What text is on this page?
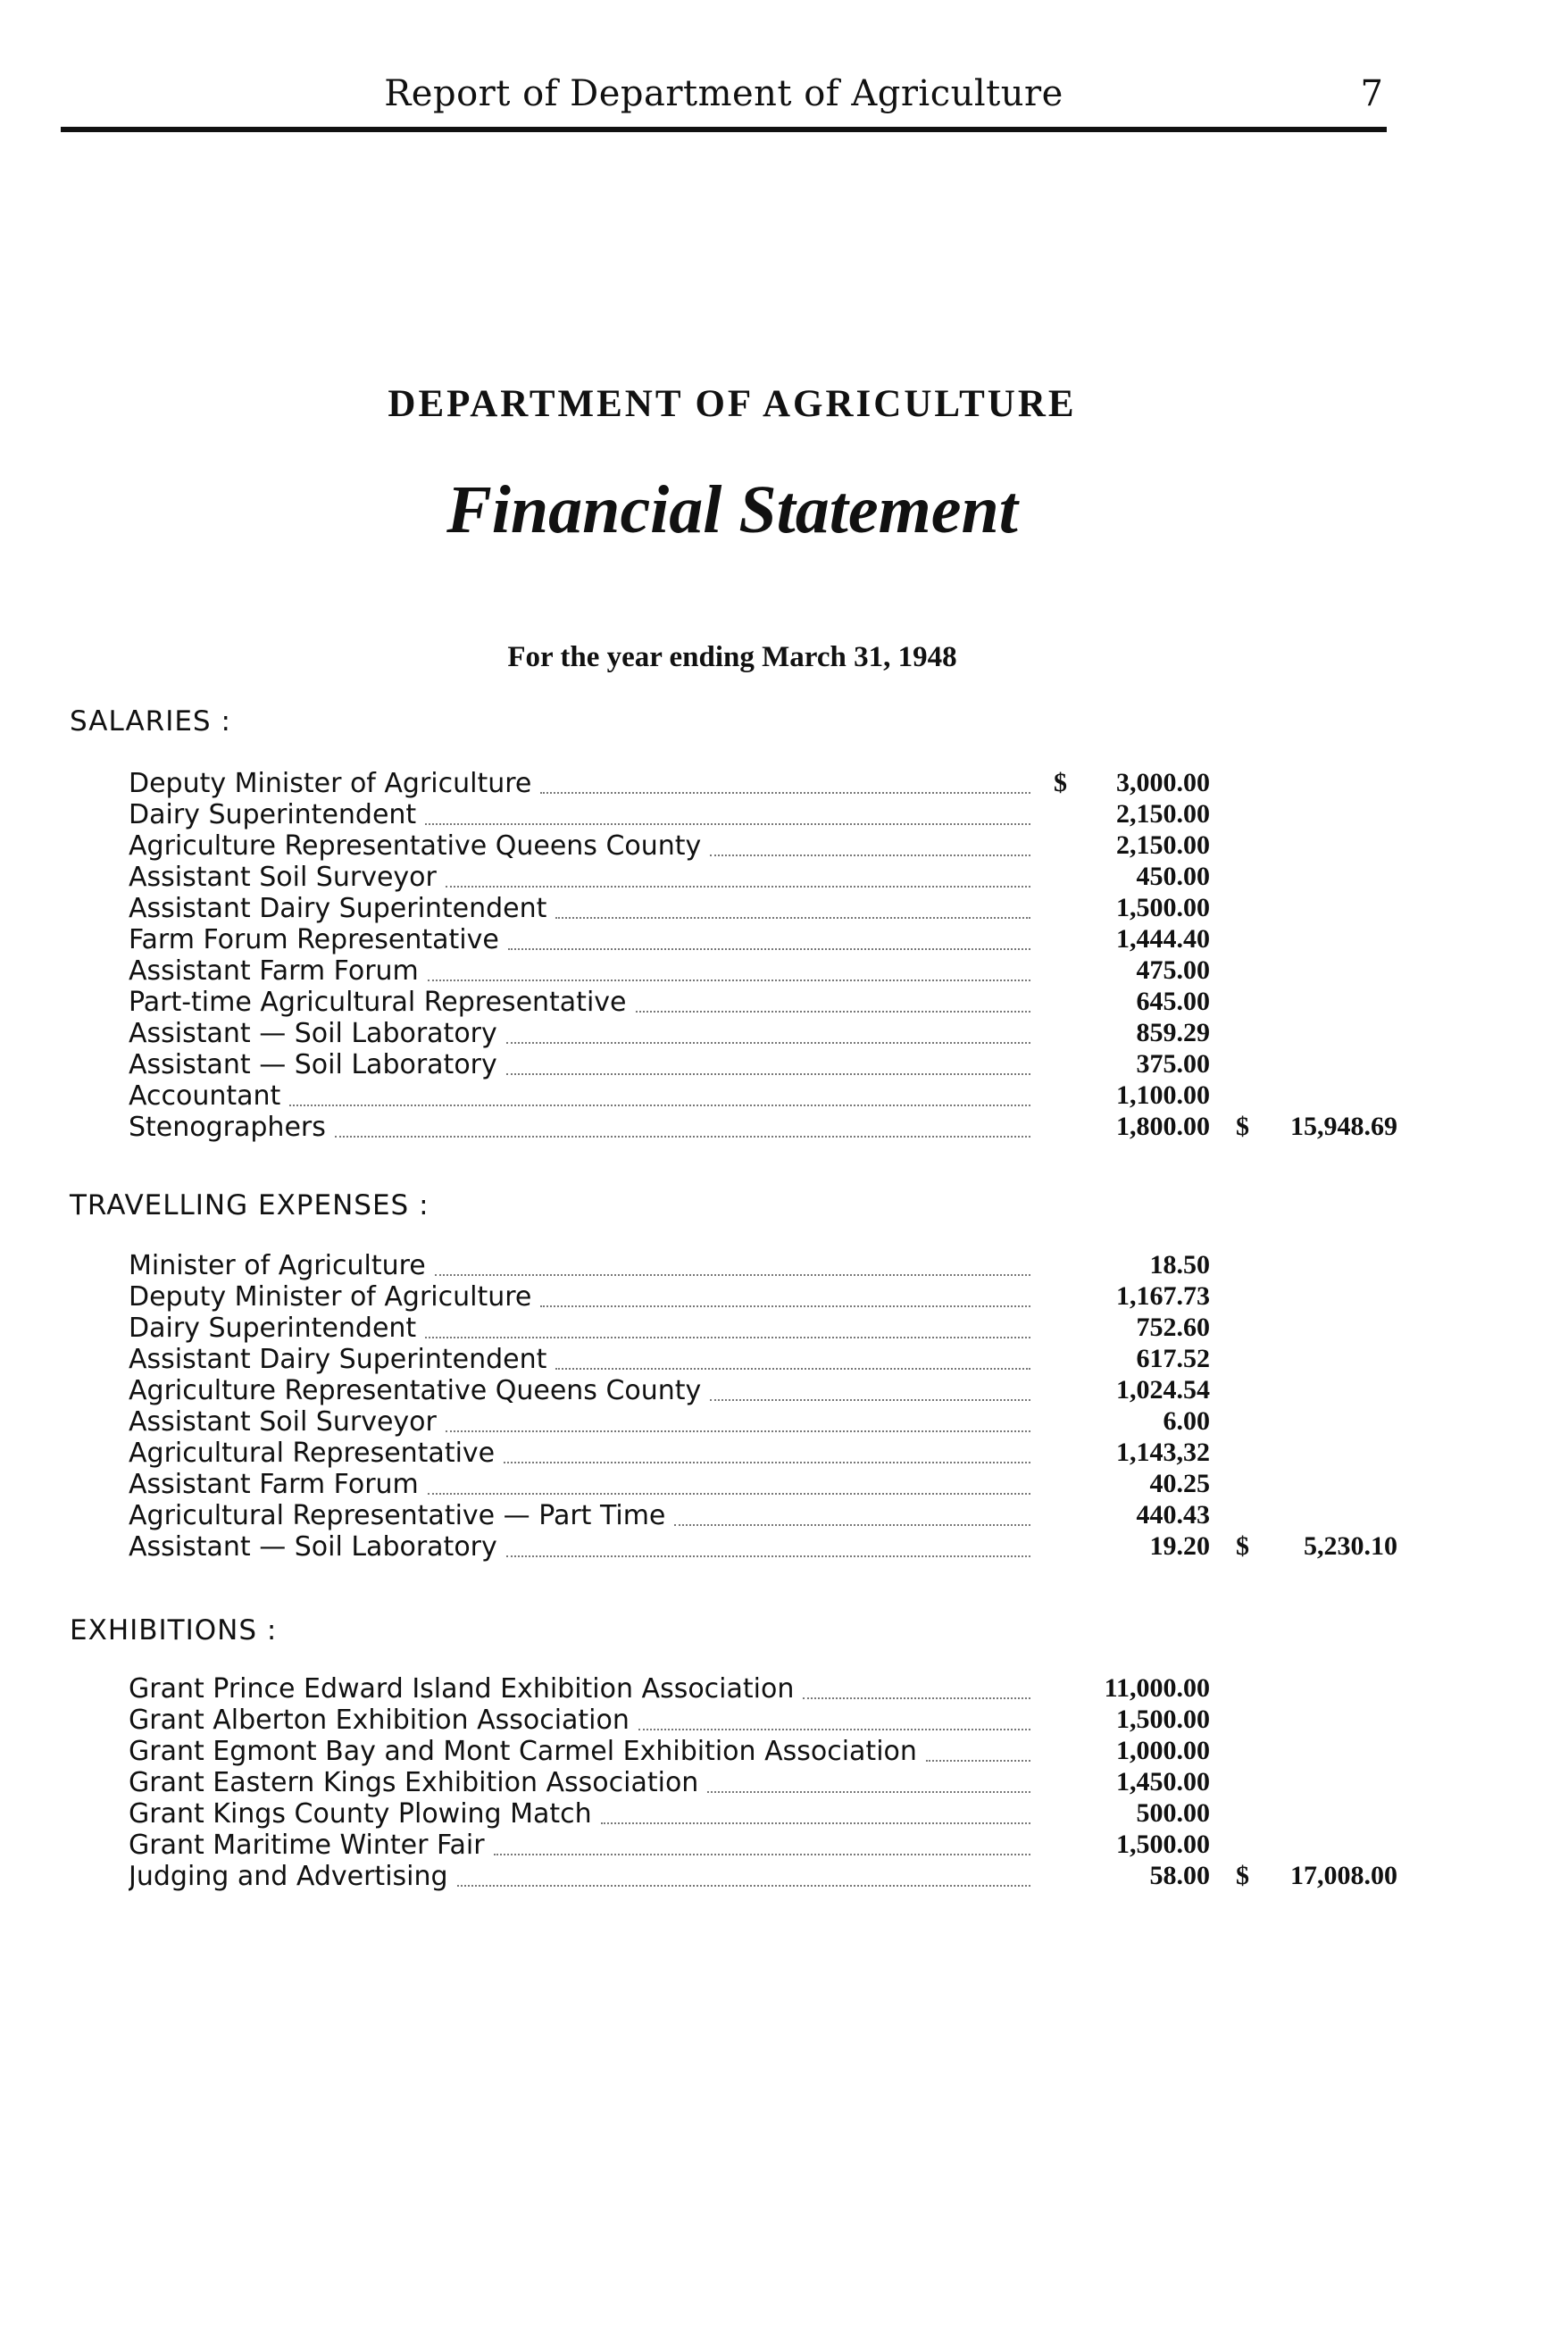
Report of Department of Agriculture	7
DEPARTMENT OF AGRICULTURE
Financial Statement
For the year ending March 31, 1948
SALARIES :
Deputy Minister of Agriculture	$	3,000.00
Dairy Superintendent	2,150.00
Agriculture Representative Queens County	2,150.00
Assistant Soil Surveyor	450.00
Assistant Dairy Superintendent	1,500.00
Farm Forum Representative	1,444.40
Assistant Farm Forum	475.00
Part-time Agricultural Representative	645.00
Assistant — Soil Laboratory	859.29
Assistant — Soil Laboratory	375.00
Accountant	1,100.00
Stenographers	1,800.00 $	15,948.69
TRAVELLING EXPENSES :
Minister of Agriculture	18.50
Deputy Minister of Agriculture	1,167.73
Dairy Superintendent	752.60
Assistant Dairy Superintendent	617.52
Agriculture Representative Queens County	1,024.54
Assistant Soil Surveyor	6.00
Agricultural Representative	1,143,32
Assistant Farm Forum	40.25
Agricultural Representative — Part Time	440.43
Assistant — Soil Laboratory	19.20 $	5,230.10
EXHIBITIONS :
Grant Prince Edward Island Exhibition Association	11,000.00
Grant Alberton Exhibition Association	1,500.00
Grant Egmont Bay and Mont Carmel Exhibition Association	1,000.00
Grant Eastern Kings Exhibition Association	1,450.00
Grant Kings County Plowing Match	500.00
Grant Maritime Winter Fair	1,500.00
Judging and Advertising	58.00 $	17,008.00
